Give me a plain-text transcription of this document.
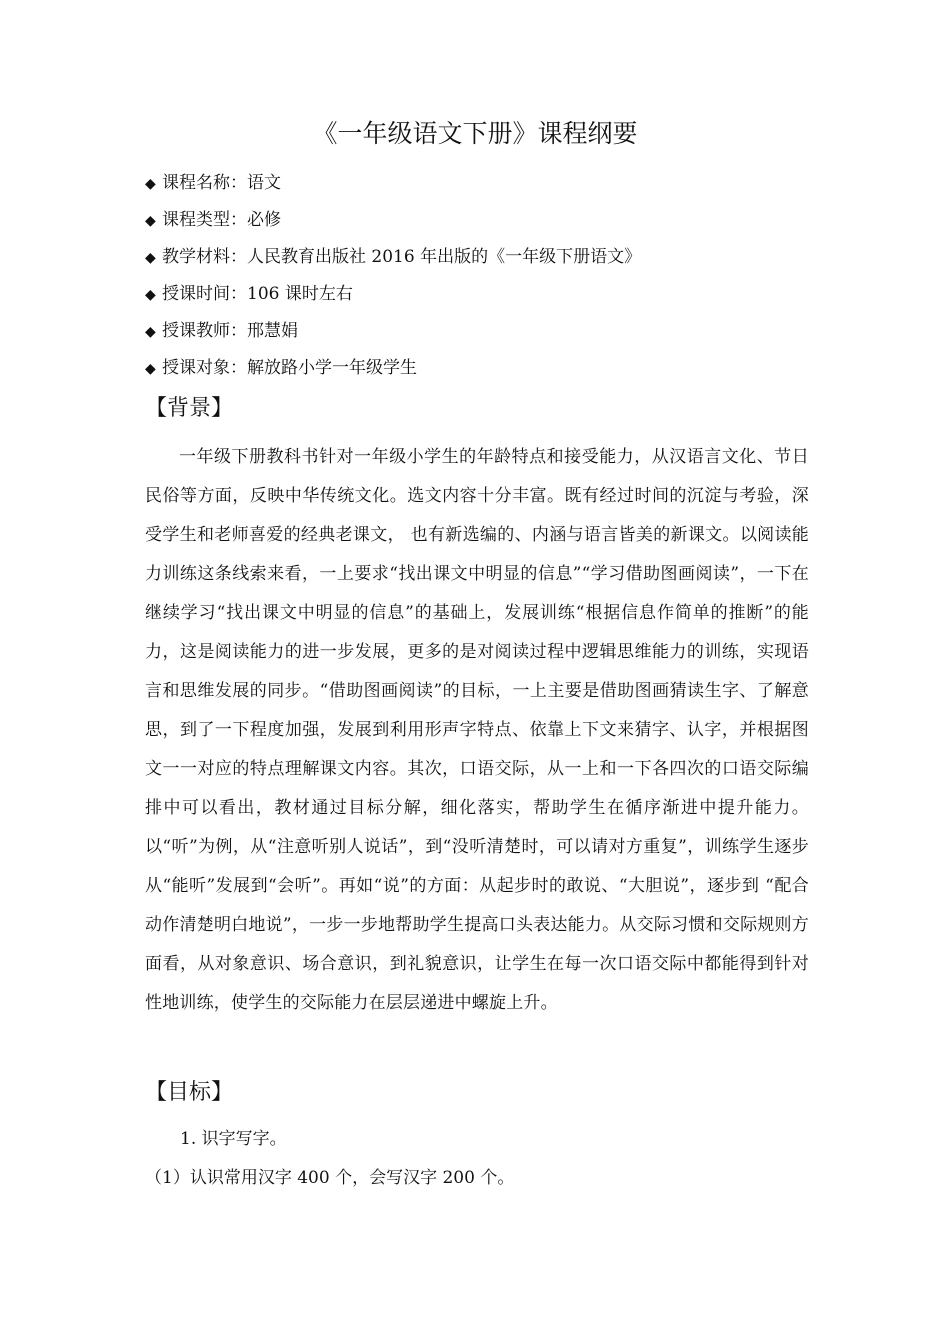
《一年级语文下册》课程纲要
◆ 课程名称：语文
◆ 课程类型：必修
◆ 教学材料：人民教育出版社 2016 年出版的《一年级下册语文》
◆ 授课时间：106 课时左右
◆ 授课教师：邢慧娟
◆ 授课对象：解放路小学一年级学生
【背景】

一年级下册教科书针对一年级小学生的年龄特点和接受能力，从汉语言文化、节日民俗等方面，反映中华传统文化。选文内容十分丰富。既有经过时间的沉淀与考验，深受学生和老师喜爱的经典老课文， 也有新选编的、内涵与语言皆美的新课文。以阅读能力训练这条线索来看，一上要求“找出课文中明显的信息”“学习借助图画阅读”，一下在继续学习“找出课文中明显的信息”的基础上，发展训练“根据信息作简单的推断”的能力，这是阅读能力的进一步发展，更多的是对阅读过程中逻辑思维能力的训练，实现语言和思维发展的同步。“借助图画阅读”的目标，一上主要是借助图画猜读生字、了解意思，到了一下程度加强，发展到利用形声字特点、依靠上下文来猜字、认字，并根据图文一一对应的特点理解课文内容。其次，口语交际，从一上和一下各四次的口语交际编排中可以看出，教材通过目标分解，细化落实，帮助学生在循序渐进中提升能力。以“听”为例，从“注意听别人说话”，到“没听清楚时，可以请对方重复”，训练学生逐步从“能听”发展到“会听”。再如“说”的方面：从起步时的敢说、“大胆说”，逐步到 “配合动作清楚明白地说”，一步一步地帮助学生提高口头表达能力。从交际习惯和交际规则方面看，从对象意识、场合意识，到礼貌意识，让学生在每一次口语交际中都能得到针对性地训练，使学生的交际能力在层层递进中螺旋上升。

【目标】

1. 识字写字。

（1）认识常用汉字 400 个，会写汉字 200 个。
